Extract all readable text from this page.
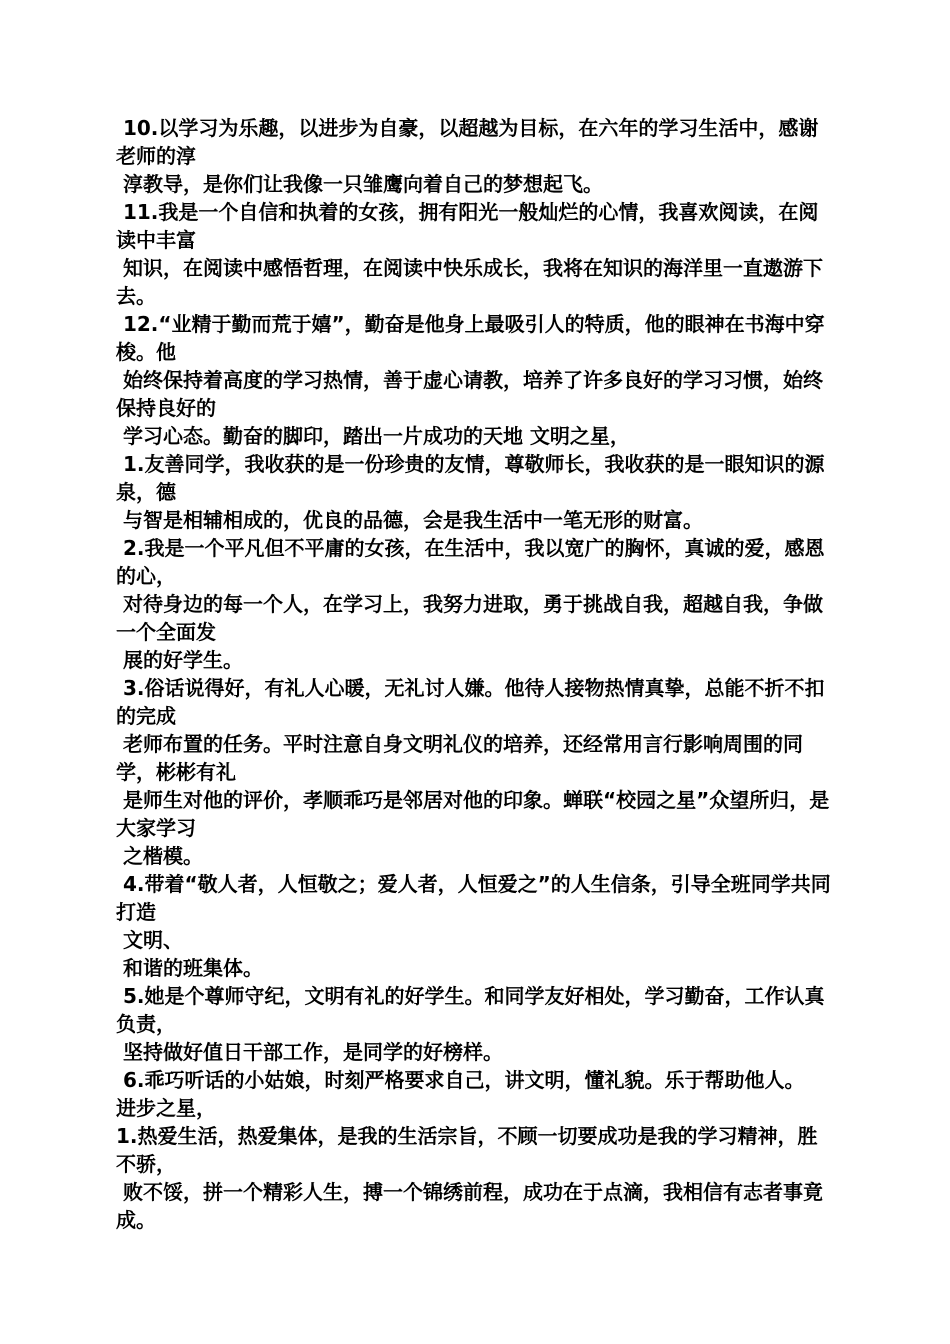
10.以学习为乐趣，以进步为自豪，以超越为目标，在六年的学习生活中，感谢老师的淳

淳教导，是你们让我像一只雏鹰向着自己的梦想起飞。

11.我是一个自信和执着的女孩，拥有阳光一般灿烂的心情，我喜欢阅读，在阅读中丰富

知识，在阅读中感悟哲理，在阅读中快乐成长，我将在知识的海洋里一直遨游下去。

12.“业精于勤而荒于嬉”，勤奋是他身上最吸引人的特质，他的眼神在书海中穿梭。他

始终保持着高度的学习热情，善于虚心请教，培养了许多良好的学习习惯，始终保持良好的

学习心态。勤奋的脚印，踏出一片成功的天地 文明之星，

1.友善同学，我收获的是一份珍贵的友情，尊敬师长，我收获的是一眼知识的源泉，德

与智是相辅相成的，优良的品德，会是我生活中一笔无形的财富。

2.我是一个平凡但不平庸的女孩，在生活中，我以宽广的胸怀，真诚的爱，感恩的心，

对待身边的每一个人，在学习上，我努力进取，勇于挑战自我，超越自我，争做一个全面发

展的好学生。

3.俗话说得好，有礼人心暖，无礼讨人嫌。他待人接物热情真挚，总能不折不扣的完成

老师布置的任务。平时注意自身文明礼仪的培养，还经常用言行影响周围的同学，彬彬有礼

是师生对他的评价，孝顺乖巧是邻居对他的印象。蝉联“校园之星”众望所归，是大家学习

之楷模。

4.带着“敬人者，人恒敬之；爱人者，人恒爱之”的人生信条，引导全班同学共同打造

文明、

和谐的班集体。

5.她是个尊师守纪，文明有礼的好学生。和同学友好相处，学习勤奋，工作认真负责，

坚持做好值日干部工作，是同学的好榜样。

6.乖巧听话的小姑娘，时刻严格要求自己，讲文明，懂礼貌。乐于帮助他人。  进步之星，

1.热爱生活，热爱集体，是我的生活宗旨，不顾一切要成功是我的学习精神，胜不骄，

败不馁，拼一个精彩人生，搏一个锦绣前程，成功在于点滴，我相信有志者事竟成。
